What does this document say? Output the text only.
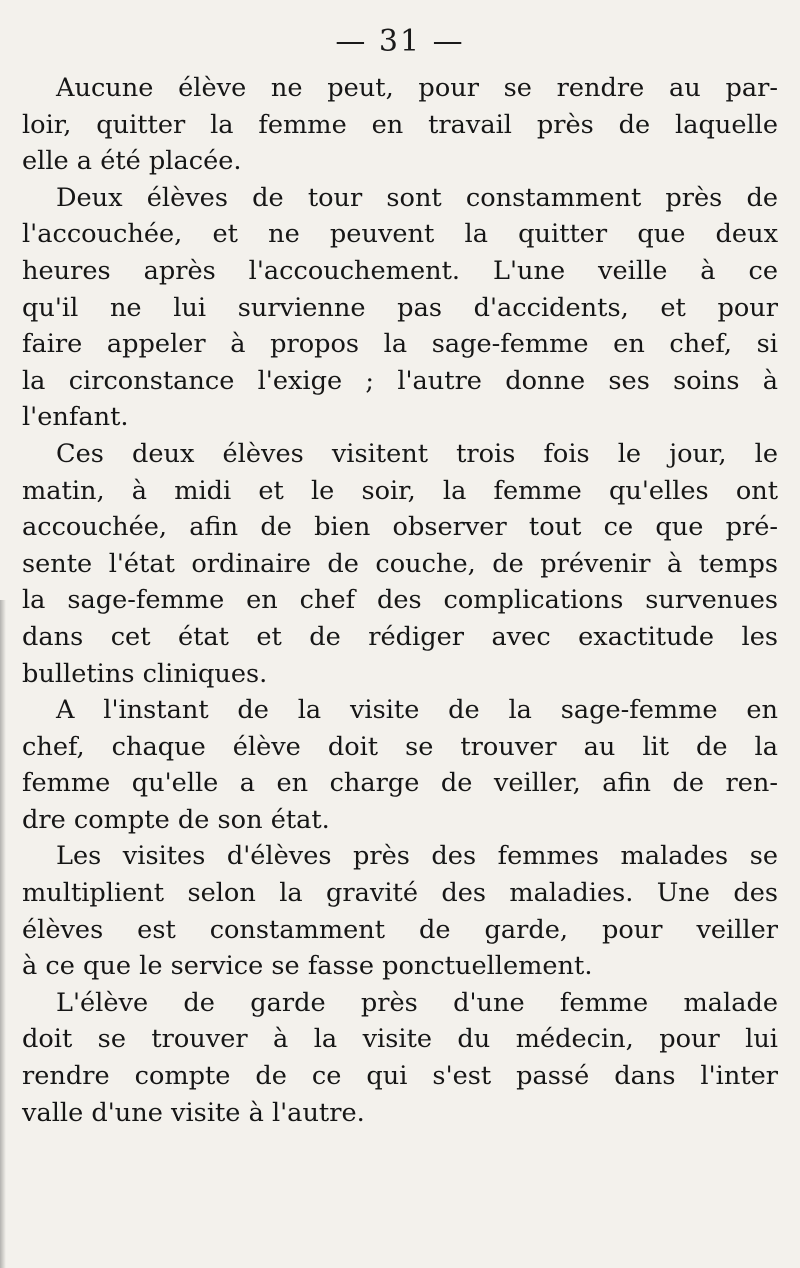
— 31 —

Aucune élève ne peut, pour se rendre au par-
loir, quitter la femme en travail près de laquelle
elle a été placée.

Deux élèves de tour sont constamment près de
l'accouchée, et ne peuvent la quitter que deux
heures après l'accouchement. L'une veille à ce
qu'il ne lui survienne pas d'accidents, et pour
faire appeler à propos la sage-femme en chef, si
la circonstance l'exige ; l'autre donne ses soins à
l'enfant.

Ces deux élèves visitent trois fois le jour, le
matin, à midi et le soir, la femme qu'elles ont
accouchée, afin de bien observer tout ce que pré-
sente l'état ordinaire de couche, de prévenir à temps
la sage-femme en chef des complications survenues
dans cet état et de rédiger avec exactitude les
bulletins cliniques.

A l'instant de la visite de la sage-femme en
chef, chaque élève doit se trouver au lit de la
femme qu'elle a en charge de veiller, afin de ren-
dre compte de son état.

Les visites d'élèves près des femmes malades se
multiplient selon la gravité des maladies. Une des
élèves est constamment de garde, pour veiller
à ce que le service se fasse ponctuellement.

L'élève de garde près d'une femme malade
doit se trouver à la visite du médecin, pour lui
rendre compte de ce qui s'est passé dans l'inter
valle d'une visite à l'autre.
